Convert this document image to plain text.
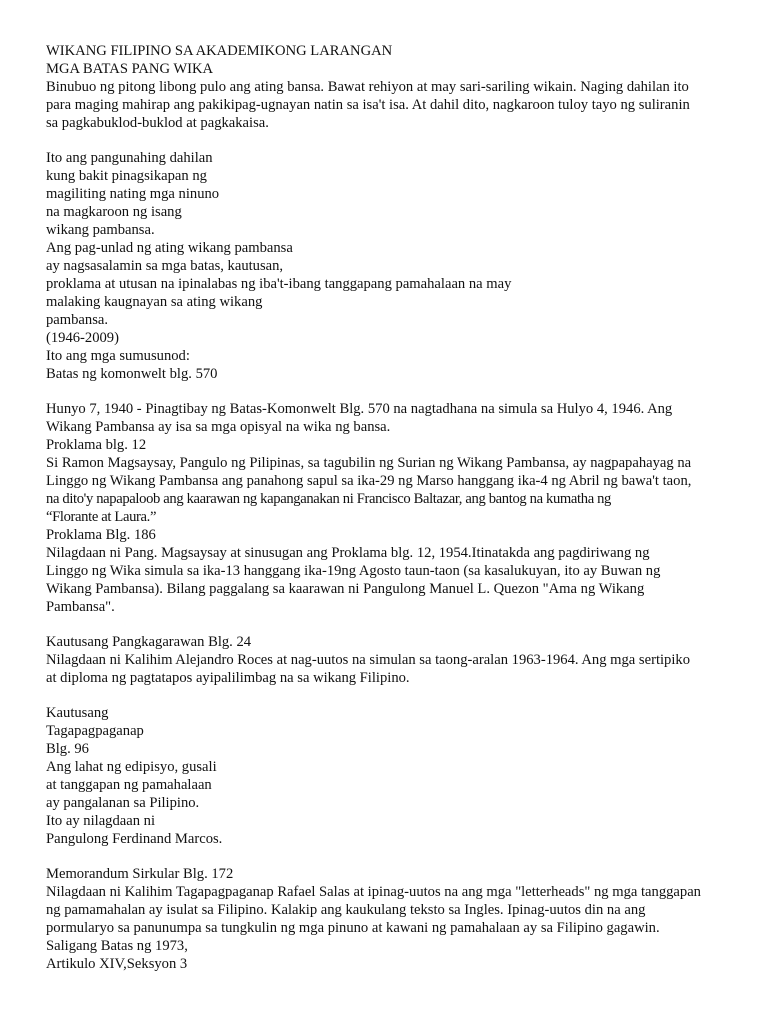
WIKANG FILIPINO SA AKADEMIKONG LARANGAN
MGA BATAS PANG WIKA
Binubuo ng pitong libong pulo ang ating bansa. Bawat rehiyon at may sari-sariling wikain. Naging dahilan ito
para maging mahirap ang pakikipag-ugnayan natin sa isa't isa. At dahil dito, nagkaroon tuloy tayo ng suliranin
sa pagkabuklod-buklod at pagkakaisa.
Ito ang pangunahing dahilan
kung bakit pinagsikapan ng
magiliting nating mga ninuno
na magkaroon ng isang
wikang pambansa.
Ang pag-unlad ng ating wikang pambansa
ay nagsasalamin sa mga batas, kautusan,
proklama at utusan na ipinalabas ng iba't-ibang tanggapang pamahalaan na may
malaking kaugnayan sa ating wikang
pambansa.
(1946-2009)
Ito ang mga sumusunod:
Batas ng komonwelt blg. 570
Hunyo 7, 1940 - Pinagtibay ng Batas-Komonwelt Blg. 570 na nagtadhana na simula sa Hulyo 4, 1946. Ang
Wikang Pambansa ay isa sa mga opisyal na wika ng bansa.
Proklama blg. 12
Si Ramon Magsaysay, Pangulo ng Pilipinas, sa tagubilin ng Surian ng Wikang Pambansa, ay nagpapahayag na
Linggo ng Wikang Pambansa ang panahong sapul sa ika-29 ng Marso hanggang ika-4 ng Abril ng bawa't taon,
na dito'y napapaloob ang kaarawan ng kapanganakan ni Francisco Baltazar, ang bantog na kumatha ng
“Florante at Laura.”
Proklama Blg. 186
Nilagdaan ni Pang. Magsaysay at sinusugan ang Proklama blg. 12, 1954.Itinatakda ang pagdiriwang ng
Linggo ng Wika simula sa ika-13 hanggang ika-19ng Agosto taun-taon (sa kasalukuyan, ito ay Buwan ng
Wikang Pambansa). Bilang paggalang sa kaarawan ni Pangulong Manuel L. Quezon "Ama ng Wikang
Pambansa".
Kautusang Pangkagarawan Blg. 24
Nilagdaan ni Kalihim Alejandro Roces at nag-uutos na simulan sa taong-aralan 1963-1964. Ang mga sertipiko
at diploma ng pagtatapos ayipalilimbag na sa wikang Filipino.
Kautusang
Tagapagpaganap
Blg. 96
Ang lahat ng edipisyo, gusali
at tanggapan ng pamahalaan
ay pangalanan sa Pilipino.
Ito ay nilagdaan ni
Pangulong Ferdinand Marcos.
Memorandum Sirkular Blg. 172
Nilagdaan ni Kalihim Tagapagpaganap Rafael Salas at ipinag-uutos na ang mga "letterheads" ng mga tanggapan
ng pamamahalan ay isulat sa Filipino. Kalakip ang kaukulang teksto sa Ingles. Ipinag-uutos din na ang
pormularyo sa panunumpa sa tungkulin ng mga pinuno at kawani ng pamahalaan ay sa Filipino gagawin.
Saligang Batas ng 1973,
Artikulo XIV,Seksyon 3
